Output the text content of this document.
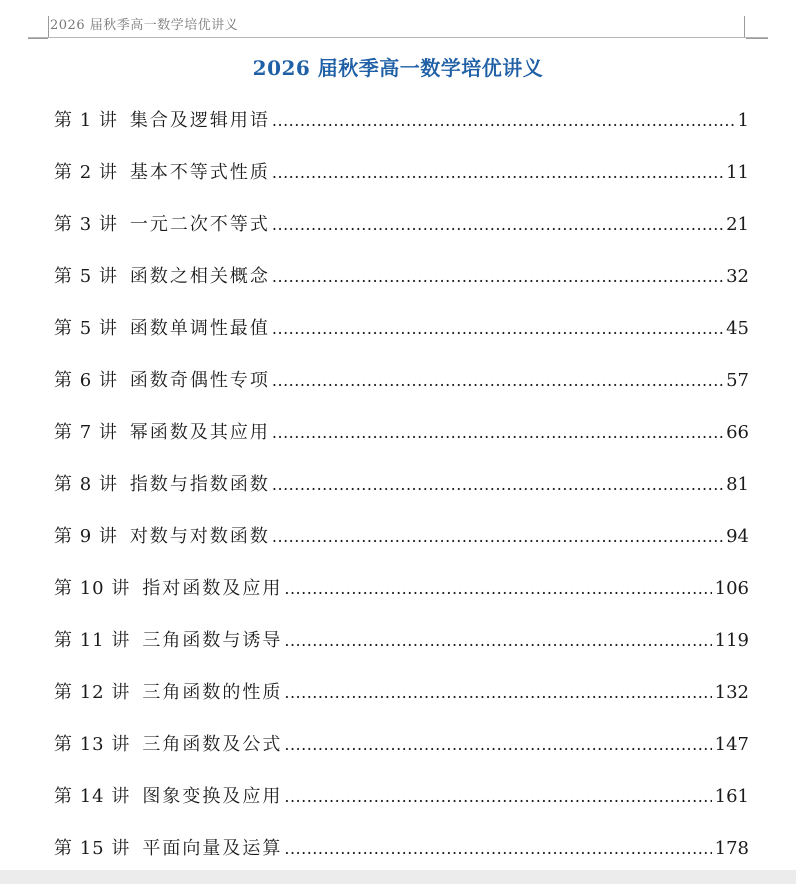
2026 届秋季高一数学培优讲义
2026 届秋季高一数学培优讲义
第 1 讲 集合及逻辑用语 .....	1
第 2 讲 基本不等式性质 .....	11
第 3 讲 一元二次不等式 .....	21
第 5 讲 函数之相关概念 .....	32
第 5 讲 函数单调性最值 .....	45
第 6 讲 函数奇偶性专项 .....	57
第 7 讲 幂函数及其应用 .....	66
第 8 讲 指数与指数函数 .....	81
第 9 讲 对数与对数函数 .....	94
第 10 讲 指对函数及应用 .....	106
第 11 讲 三角函数与诱导 .....	119
第 12 讲 三角函数的性质 .....	132
第 13 讲 三角函数及公式 .....	147
第 14 讲 图象变换及应用 .....	161
第 15 讲 平面向量及运算 .....	178
